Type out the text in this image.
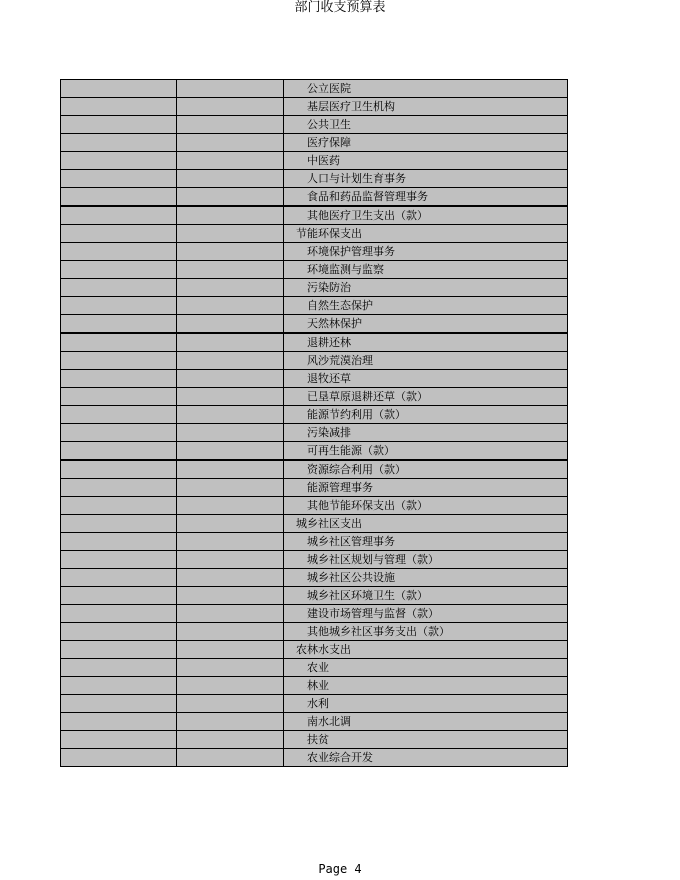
部门收支预算表

		公立医院

		基层医疗卫生机构

		公共卫生

		医疗保障

		中医药

		人口与计划生育事务

		食品和药品监督管理事务

		其他医疗卫生支出（款）

		节能环保支出

		环境保护管理事务

		环境监测与监察

		污染防治

		自然生态保护

		天然林保护

		退耕还林

		风沙荒漠治理

		退牧还草

		已垦草原退耕还草（款）

		能源节约利用（款）

		污染减排

		可再生能源（款）

		资源综合利用（款）

		能源管理事务

		其他节能环保支出（款）

		城乡社区支出

		城乡社区管理事务

		城乡社区规划与管理（款）

		城乡社区公共设施

		城乡社区环境卫生（款）

		建设市场管理与监督（款）

		其他城乡社区事务支出（款）

		农林水支出

		农业

		林业

		水利

		南水北调

		扶贫

		农业综合开发
Page 4
